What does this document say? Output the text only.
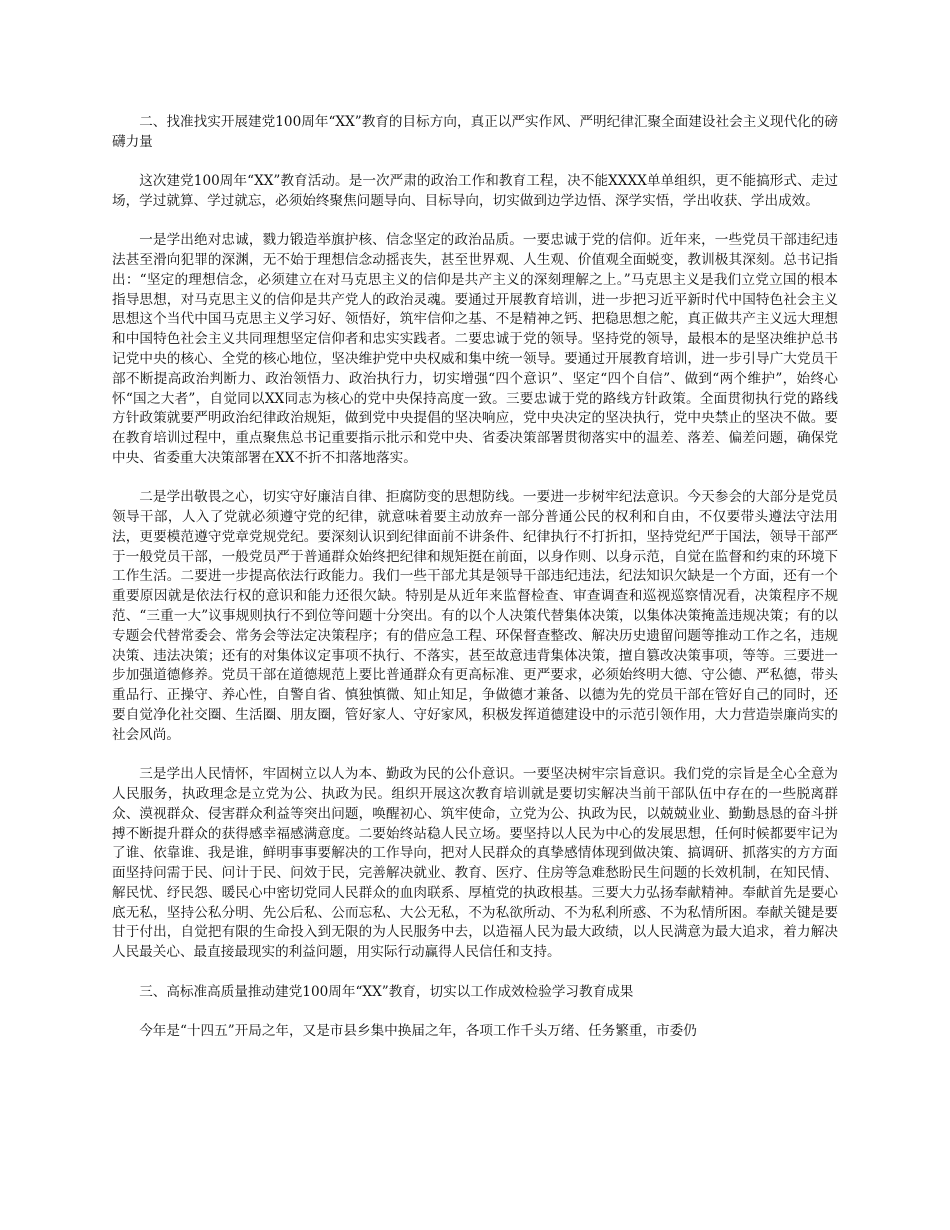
二、找准找实开展建党100周年“XX”教育的目标方向，真正以严实作风、严明纪律汇聚全面建设社会主义现代化的磅礴力量

这次建党100周年“XX”教育活动。是一次严肃的政治工作和教育工程，决不能XXXX单单组织，更不能搞形式、走过场，学过就算、学过就忘，必须始终聚焦问题导向、目标导向，切实做到边学边悟、深学实悟，学出收获、学出成效。

一是学出绝对忠诚，戮力锻造举旗护核、信念坚定的政治品质。一要忠诚于党的信仰。近年来，一些党员干部违纪违法甚至滑向犯罪的深渊，无不始于理想信念动摇丧失，甚至世界观、人生观、价值观全面蜕变，教训极其深刻。总书记指出：“坚定的理想信念，必须建立在对马克思主义的信仰是共产主义的深刻理解之上。”马克思主义是我们立党立国的根本指导思想，对马克思主义的信仰是共产党人的政治灵魂。要通过开展教育培训，进一步把习近平新时代中国特色社会主义思想这个当代中国马克思主义学习好、领悟好，筑牢信仰之基、不是精神之钙、把稳思想之舵，真正做共产主义远大理想和中国特色社会主义共同理想坚定信仰者和忠实实践者。二要忠诚于党的领导。坚持党的领导，最根本的是坚决维护总书记党中央的核心、全党的核心地位，坚决维护党中央权威和集中统一领导。要通过开展教育培训，进一步引导广大党员干部不断提高政治判断力、政治领悟力、政治执行力，切实增强“四个意识”、坚定“四个自信”、做到“两个维护”，始终心怀“国之大者”，自觉同以XX同志为核心的党中央保持高度一致。三要忠诚于党的路线方针政策。全面贯彻执行党的路线方针政策就要严明政治纪律政治规矩，做到党中央提倡的坚决响应，党中央决定的坚决执行，党中央禁止的坚决不做。要在教育培训过程中，重点聚焦总书记重要指示批示和党中央、省委决策部署贯彻落实中的温差、落差、偏差问题，确保党中央、省委重大决策部署在XX不折不扣落地落实。

二是学出敬畏之心，切实守好廉洁自律、拒腐防变的思想防线。一要进一步树牢纪法意识。今天参会的大部分是党员领导干部，人入了党就必须遵守党的纪律，就意味着要主动放弃一部分普通公民的权利和自由，不仅要带头遵法守法用法，更要模范遵守党章党规党纪。要深刻认识到纪律面前不讲条件、纪律执行不打折扣，坚持党纪严于国法，领导干部严于一般党员干部，一般党员严于普通群众始终把纪律和规矩挺在前面，以身作则、以身示范，自觉在监督和约束的环境下工作生活。二要进一步提高依法行政能力。我们一些干部尤其是领导干部违纪违法，纪法知识欠缺是一个方面，还有一个重要原因就是依法行权的意识和能力还很欠缺。特别是从近年来监督检查、审查调查和巡视巡察情况看，决策程序不规范、“三重一大”议事规则执行不到位等问题十分突出。有的以个人决策代替集体决策，以集体决策掩盖违规决策；有的以专题会代替常委会、常务会等法定决策程序；有的借应急工程、环保督查整改、解决历史遗留问题等推动工作之名，违规决策、违法决策；还有的对集体议定事项不执行、不落实，甚至故意违背集体决策，擅自篡改决策事项，等等。三要进一步加强道德修养。党员干部在道德规范上要比普通群众有更高标准、更严要求，必须始终明大德、守公德、严私德，带头重品行、正操守、养心性，自警自省、慎独慎微、知止知足，争做德才兼备、以德为先的党员干部在管好自己的同时，还要自觉净化社交圈、生活圈、朋友圈，管好家人、守好家风，积极发挥道德建设中的示范引领作用，大力营造崇廉尚实的社会风尚。

三是学出人民情怀，牢固树立以人为本、勤政为民的公仆意识。一要坚决树牢宗旨意识。我们党的宗旨是全心全意为人民服务，执政理念是立党为公、执政为民。组织开展这次教育培训就是要切实解决当前干部队伍中存在的一些脱离群众、漠视群众、侵害群众利益等突出问题，唤醒初心、筑牢使命，立党为公、执政为民，以兢兢业业、勤勤恳恳的奋斗拼搏不断提升群众的获得感幸福感满意度。二要始终站稳人民立场。要坚持以人民为中心的发展思想，任何时候都要牢记为了谁、依靠谁、我是谁，鲜明事事要解决的工作导向，把对人民群众的真挚感情体现到做决策、搞调研、抓落实的方方面面坚持问需于民、问计于民、问效于民，完善解决就业、教育、医疗、住房等急难愁盼民生问题的长效机制，在知民情、解民忧、纾民怨、暖民心中密切党同人民群众的血肉联系、厚植党的执政根基。三要大力弘扬奉献精神。奉献首先是要心底无私，坚持公私分明、先公后私、公而忘私、大公无私，不为私欲所动、不为私利所惑、不为私情所困。奉献关键是要甘于付出，自觉把有限的生命投入到无限的为人民服务中去，以造福人民为最大政绩，以人民满意为最大追求，着力解决人民最关心、最直接最现实的利益问题，用实际行动赢得人民信任和支持。

三、高标准高质量推动建党100周年“XX”教育，切实以工作成效检验学习教育成果

今年是“十四五”开局之年，又是市县乡集中换届之年，各项工作千头万绪、任务繁重，市委仍
